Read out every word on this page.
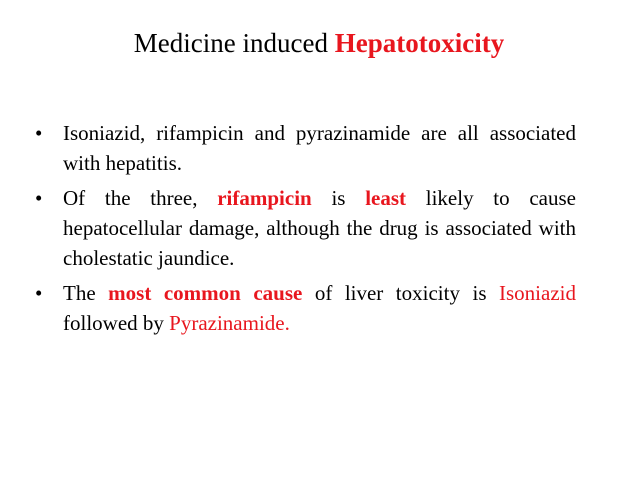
Medicine induced Hepatotoxicity
• Isoniazid, rifampicin and pyrazinamide are all associated with hepatitis.
• Of the three, rifampicin is least likely to cause hepatocellular damage, although the drug is associated with cholestatic jaundice.
• The most common cause of liver toxicity is Isoniazid followed by Pyrazinamide.
